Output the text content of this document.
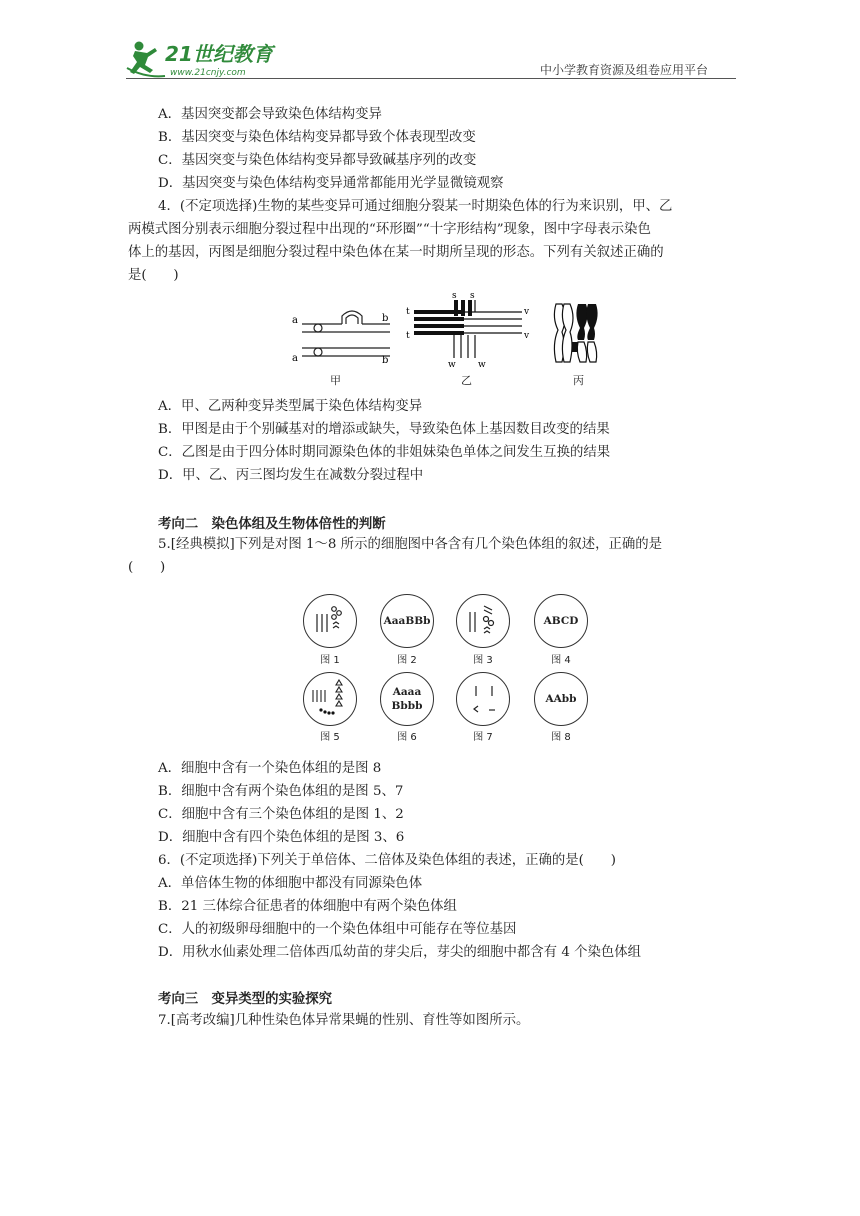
21世纪教育
www.21cnjy.com	中小学教育资源及组卷应用平台
A．基因突变都会导致染色体结构变异
B．基因突变与染色体结构变异都导致个体表现型改变
C．基因突变与染色体结构变异都导致碱基序列的改变
D．基因突变与染色体结构变异通常都能用光学显微镜观察
4．(不定项选择)生物的某些变异可通过细胞分裂某一时期染色体的行为来识别，甲、乙
两模式图分别表示细胞分裂过程中出现的“环形圈”“十字形结构”现象，图中字母表示染色
体上的基因，丙图是细胞分裂过程中染色体在某一时期所呈现的形态。下列有关叙述正确的
是(　　)
a
a
b
b
甲
s s
t
t
v
v
w w
乙	丙
A．甲、乙两种变异类型属于染色体结构变异
B．甲图是由于个别碱基对的增添或缺失，导致染色体上基因数目改变的结果
C．乙图是由于四分体时期同源染色体的非姐妹染色单体之间发生互换的结果
D．甲、乙、丙三图均发生在减数分裂过程中
考向二　染色体组及生物体倍性的判断
5.[经典模拟]下列是对图 1～8 所示的细胞图中各含有几个染色体组的叙述，正确的是
(　　)
图 1
AaaBBb
图 2	图 3
ABCD
图 4
图 5
Aaaa
Bbbb
图 6	图 7
AAbb
图 8
A．细胞中含有一个染色体组的是图 8
B．细胞中含有两个染色体组的是图 5、7
C．细胞中含有三个染色体组的是图 1、2
D．细胞中含有四个染色体组的是图 3、6
6．(不定项选择)下列关于单倍体、二倍体及染色体组的表述，正确的是(　　)
A．单倍体生物的体细胞中都没有同源染色体
B．21 三体综合征患者的体细胞中有两个染色体组
C．人的初级卵母细胞中的一个染色体组中可能存在等位基因
D．用秋水仙素处理二倍体西瓜幼苗的芽尖后，芽尖的细胞中都含有 4 个染色体组
考向三　变异类型的实验探究
7.[高考改编]几种性染色体异常果蝇的性别、育性等如图所示。
